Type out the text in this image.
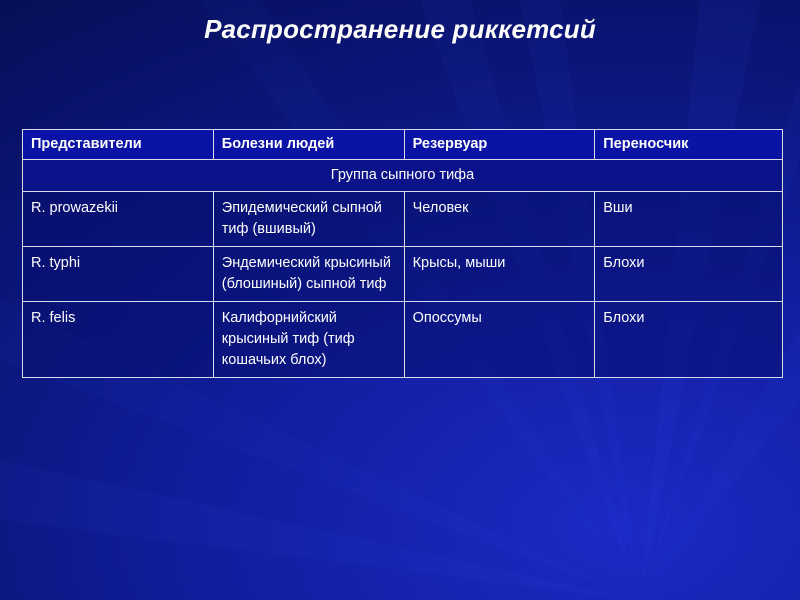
Распространение риккетсий
Представители	Болезни людей	Резервуар	Переносчик
Группа сыпного тифа			
R. prowazekii	Эпидемический сыпной тиф (вшивый)	Человек	Вши
R. typhi	Эндемический крысиный (блошиный) сыпной тиф	Крысы, мыши	Блохи
R. felis	Калифорнийский крысиный тиф (тиф кошачьих блох)	Опоссумы	Блохи
